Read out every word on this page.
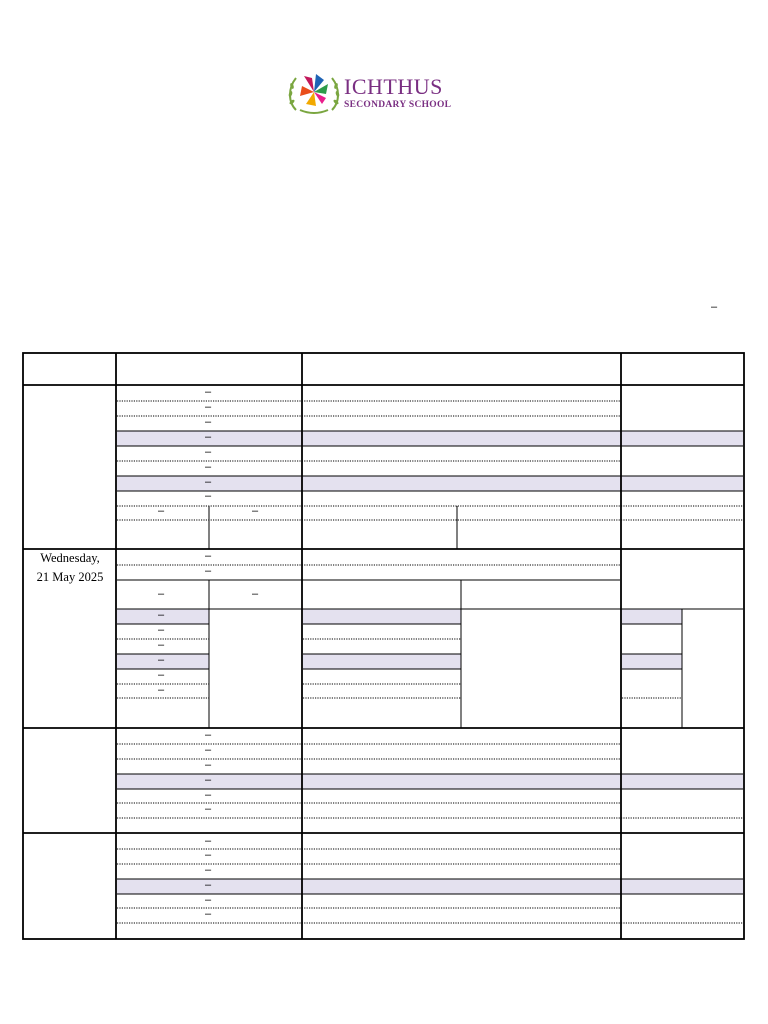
ICHTHUS
SECONDARY SCHOOL
–
Wednesday,
21 May 2025
–
–
–
–
–
–
–
–
–	–
–
–
–	–
–
–
–
–
–
–
–
–
–
–
–
–
–
–
–
–
–
–
